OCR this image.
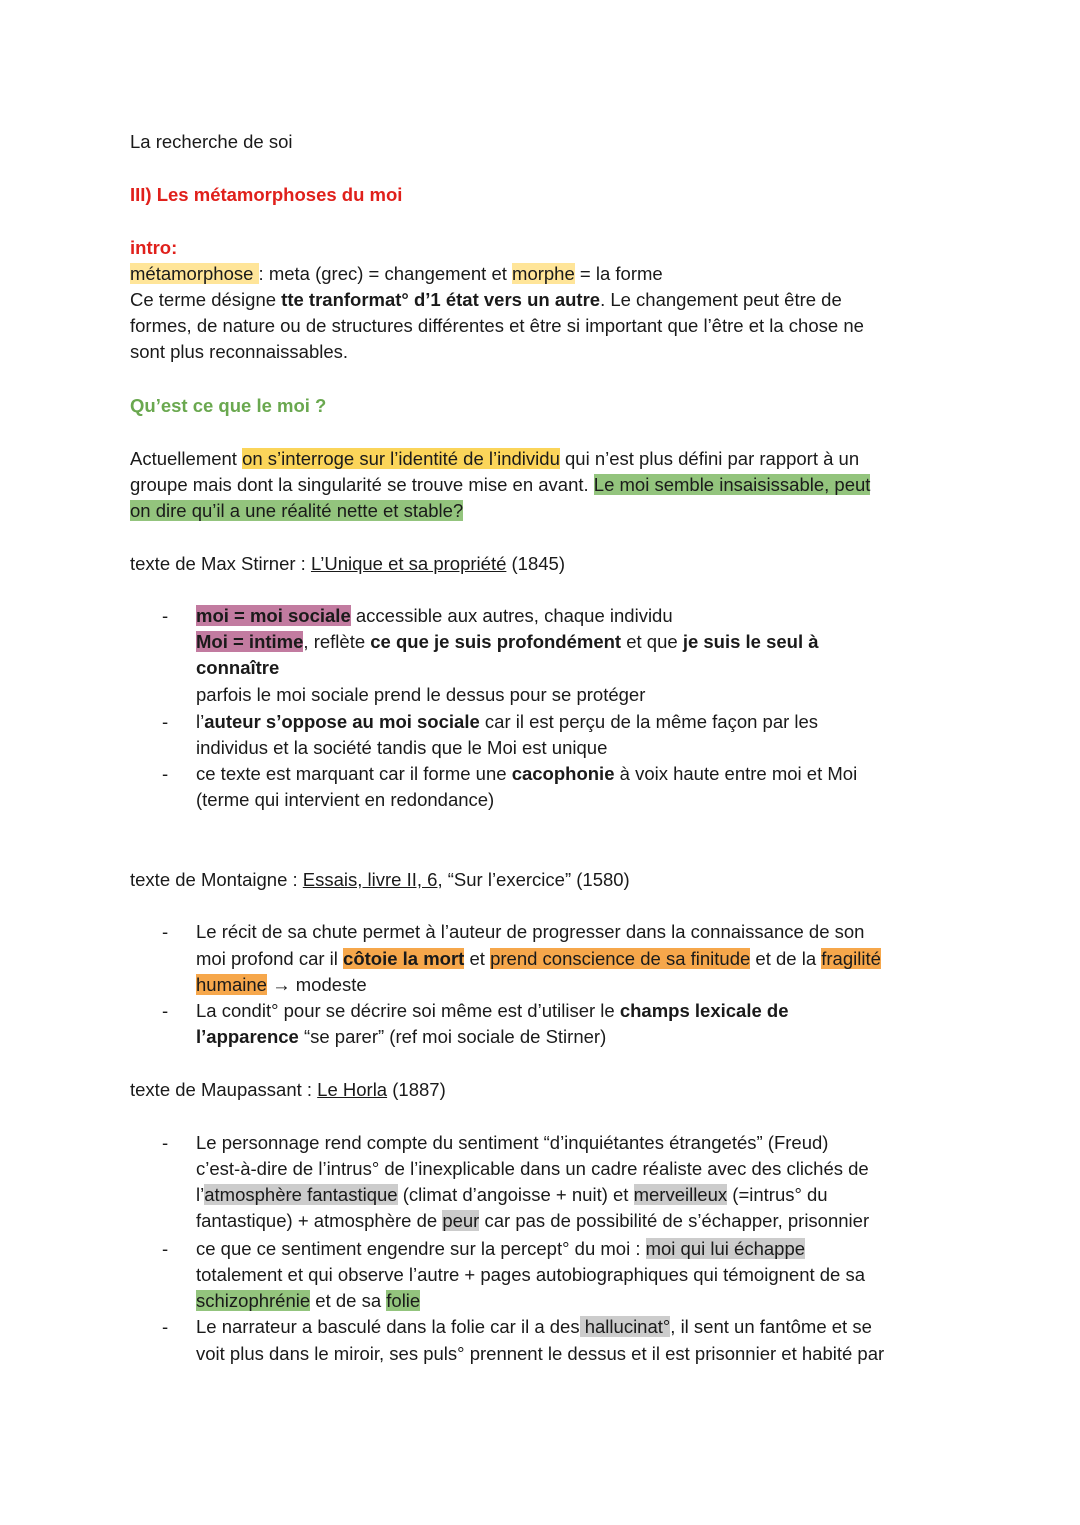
La recherche de soi
III) Les métamorphoses du moi
intro:
métamorphose : meta (grec) = changement et morphe = la forme
Ce terme désigne tte tranformat° d’1 état vers un autre. Le changement peut être de
formes, de nature ou de structures différentes et être si important que l’être et la chose ne
sont plus reconnaissables.
Qu’est ce que le moi ?
Actuellement on s’interroge sur l’identité de l’individu qui n’est plus défini par rapport à un
groupe mais dont la singularité se trouve mise en avant. Le moi semble insaisissable, peut
on dire qu’il a une réalité nette et stable?
texte de Max Stirner : L’Unique et sa propriété (1845)
- moi = moi sociale accessible aux autres, chaque individu
Moi = intime, reflète ce que je suis profondément et que je suis le seul à
connaître
parfois le moi sociale prend le dessus pour se protéger
- l’auteur s’oppose au moi sociale car il est perçu de la même façon par les
individus et la société tandis que le Moi est unique
- ce texte est marquant car il forme une cacophonie à voix haute entre moi et Moi
(terme qui intervient en redondance)
texte de Montaigne : Essais, livre II, 6, “Sur l’exercice” (1580)
- Le récit de sa chute permet à l’auteur de progresser dans la connaissance de son
moi profond car il côtoie la mort et prend conscience de sa finitude et de la fragilité
humaine → modeste
- La condit° pour se décrire soi même est d’utiliser le champs lexicale de
l’apparence “se parer” (ref moi sociale de Stirner)
texte de Maupassant : Le Horla (1887)
- Le personnage rend compte du sentiment “d’inquiétantes étrangetés” (Freud)
c’est-à-dire de l’intrus° de l’inexplicable dans un cadre réaliste avec des clichés de
l’atmosphère fantastique (climat d’angoisse + nuit) et merveilleux (=intrus° du
fantastique) + atmosphère de peur car pas de possibilité de s’échapper, prisonnier
- ce que ce sentiment engendre sur la percept° du moi : moi qui lui échappe
totalement et qui observe l’autre + pages autobiographiques qui témoignent de sa
schizophrénie et de sa folie
- Le narrateur a basculé dans la folie car il a des hallucinat°, il sent un fantôme et se
voit plus dans le miroir, ses puls° prennent le dessus et il est prisonnier et habité par
